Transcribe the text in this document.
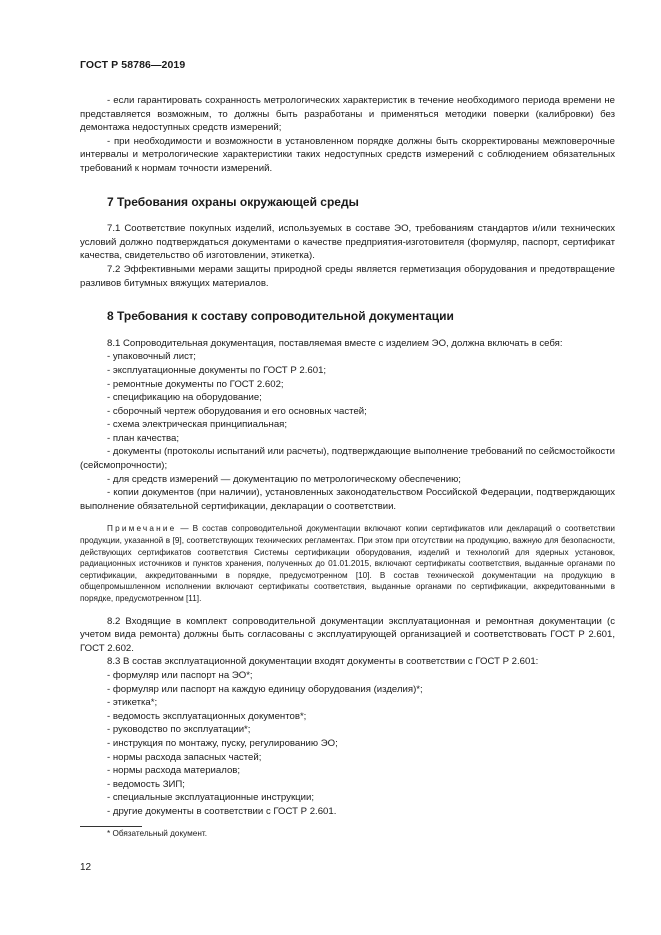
ГОСТ Р 58786—2019

- если гарантировать сохранность метрологических характеристик в течение необходимого периода времени не представляется возможным, то должны быть разработаны и применяться методики поверки (калибровки) без демонтажа недоступных средств измерений;

- при необходимости и возможности в установленном порядке должны быть скорректированы межповерочные интервалы и метрологические характеристики таких недоступных средств измерений с соблюдением обязательных требований к нормам точности измерений.

7 Требования охраны окружающей среды

7.1 Соответствие покупных изделий, используемых в составе ЭО, требованиям стандартов и/или технических условий должно подтверждаться документами о качестве предприятия-изготовителя (формуляр, паспорт, сертификат качества, свидетельство об изготовлении, этикетка).

7.2 Эффективными мерами защиты природной среды является герметизация оборудования и предотвращение разливов битумных вяжущих материалов.

8 Требования к составу сопроводительной документации

8.1 Сопроводительная документация, поставляемая вместе с изделием ЭО, должна включать в себя:

- упаковочный лист;

- эксплуатационные документы по ГОСТ Р 2.601;

- ремонтные документы по ГОСТ 2.602;

- спецификацию на оборудование;

- сборочный чертеж оборудования и его основных частей;

- схема электрическая принципиальная;

- план качества;

- документы (протоколы испытаний или расчеты), подтверждающие выполнение требований по сейсмостойкости (сейсмопрочности);

- для средств измерений — документацию по метрологическому обеспечению;

- копии документов (при наличии), установленных законодательством Российской Федерации, подтверждающих выполнение обязательной сертификации, декларации о соответствии.

Примечание — В состав сопроводительной документации включают копии сертификатов или деклараций о соответствии продукции, указанной в [9], соответствующих технических регламентах. При этом при отсутствии на продукцию, важную для безопасности, действующих сертификатов соответствия Системы сертификации оборудования, изделий и технологий для ядерных установок, радиационных источников и пунктов хранения, полученных до 01.01.2015, включают сертификаты соответствия, выданные органами по сертификации, аккредитованными в порядке, предусмотренном [10]. В состав технической документации на продукцию в общепромышленном исполнении включают сертификаты соответствия, выданные органами по сертификации, аккредитованными в порядке, предусмотренном [11].

8.2 Входящие в комплект сопроводительной документации эксплуатационная и ремонтная документации (с учетом вида ремонта) должны быть согласованы с эксплуатирующей организацией и соответствовать ГОСТ Р 2.601, ГОСТ 2.602.

8.3 В состав эксплуатационной документации входят документы в соответствии с ГОСТ Р 2.601:

- формуляр или паспорт на ЭО*;

- формуляр или паспорт на каждую единицу оборудования (изделия)*;

- этикетка*;

- ведомость эксплуатационных документов*;

- руководство по эксплуатации*;

- инструкция по монтажу, пуску, регулированию ЭО;

- нормы расхода запасных частей;

- нормы расхода материалов;

- ведомость ЗИП;

- специальные эксплуатационные инструкции;

- другие документы в соответствии с ГОСТ Р 2.601.

* Обязательный документ.
12
